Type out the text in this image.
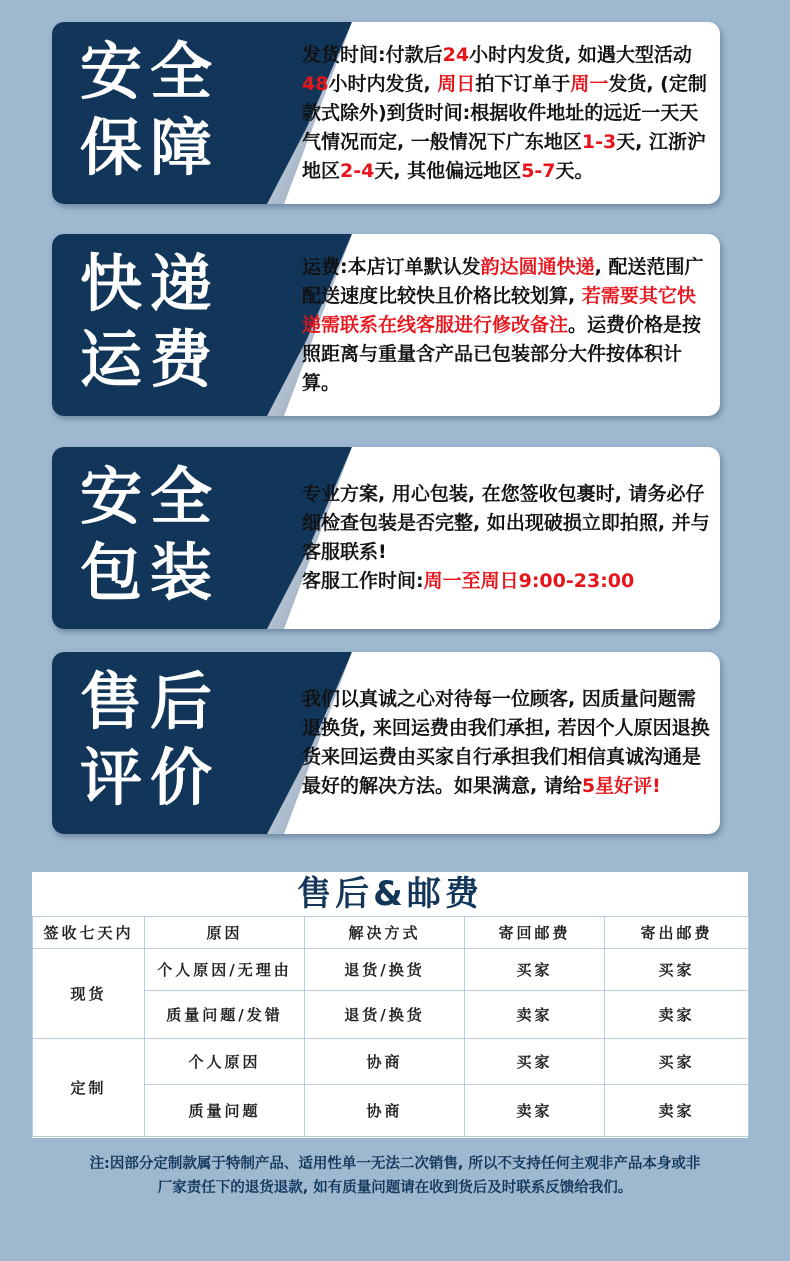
安全
保障
发货时间:付款后24小时内发货, 如遇大型活动48小时内发货, 周日拍下订单于周一发货, (定制款式除外)到货时间:根据收件地址的远近一天天气情况而定, 一般情况下广东地区1-3天, 江浙沪地区2-4天, 其他偏远地区5-7天。
快递
运费
运费:本店订单默认发韵达圆通快递, 配送范围广配送速度比较快且价格比较划算, 若需要其它快递需联系在线客服进行修改备注。运费价格是按照距离与重量含产品已包装部分大件按体积计算。
安全
包装
专业方案, 用心包装, 在您签收包裹时, 请务必仔细检查包装是否完整, 如出现破损立即拍照, 并与客服联系!
客服工作时间:周一至周日9:00-23:00
售后
评价
我们以真诚之心对待每一位顾客, 因质量问题需退换货, 来回运费由我们承担, 若因个人原因退换货来回运费由买家自行承担我们相信真诚沟通是最好的解决方法。如果满意, 请给5星好评!
售后&邮费
签收七天内	原因	解决方式	寄回邮费	寄出邮费
现货	个人原因/无理由	退货/换货	买家	买家
	质量问题/发错	退货/换货	卖家	卖家
定制	个人原因	协商	买家	买家
	质量问题	协商	卖家	卖家
注:因部分定制款属于特制产品、适用性单一无法二次销售, 所以不支持任何主观非产品本身或非
厂家责任下的退货退款, 如有质量问题请在收到货后及时联系反馈给我们。
